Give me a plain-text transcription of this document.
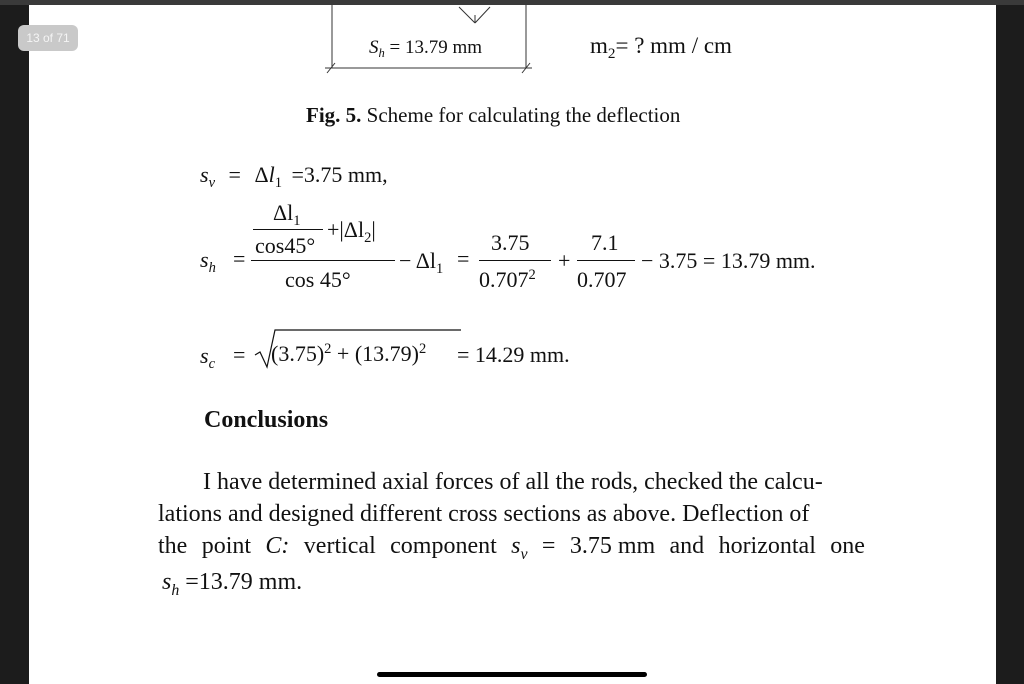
$S_h = 13.79$ mm	$m_2=$ ? mm / cm
Fig. 5. Scheme for calculating the deflection
$s_v = \Delta l_1 =3.75$ mm,
$s_h$ =
$\Delta l_1$
cos45°
$+|\Delta l_2|$
cos 45°
− $\Delta l_1$ =
3.75
$0.707^2$
+
7.1
0.707
− 3.75 = 13.79 mm.
$s_c = (3.75)^2 + (13.79)^2 = 14.29$ mm.
Conclusions
I have determined axial forces of all the rods, checked the calcu-
lations and designed different cross sections as above. Deflection of
the point C: vertical component $s_v = 3.75$ mm and horizontal one
$s_h =13.79$ mm.
13 of 71
